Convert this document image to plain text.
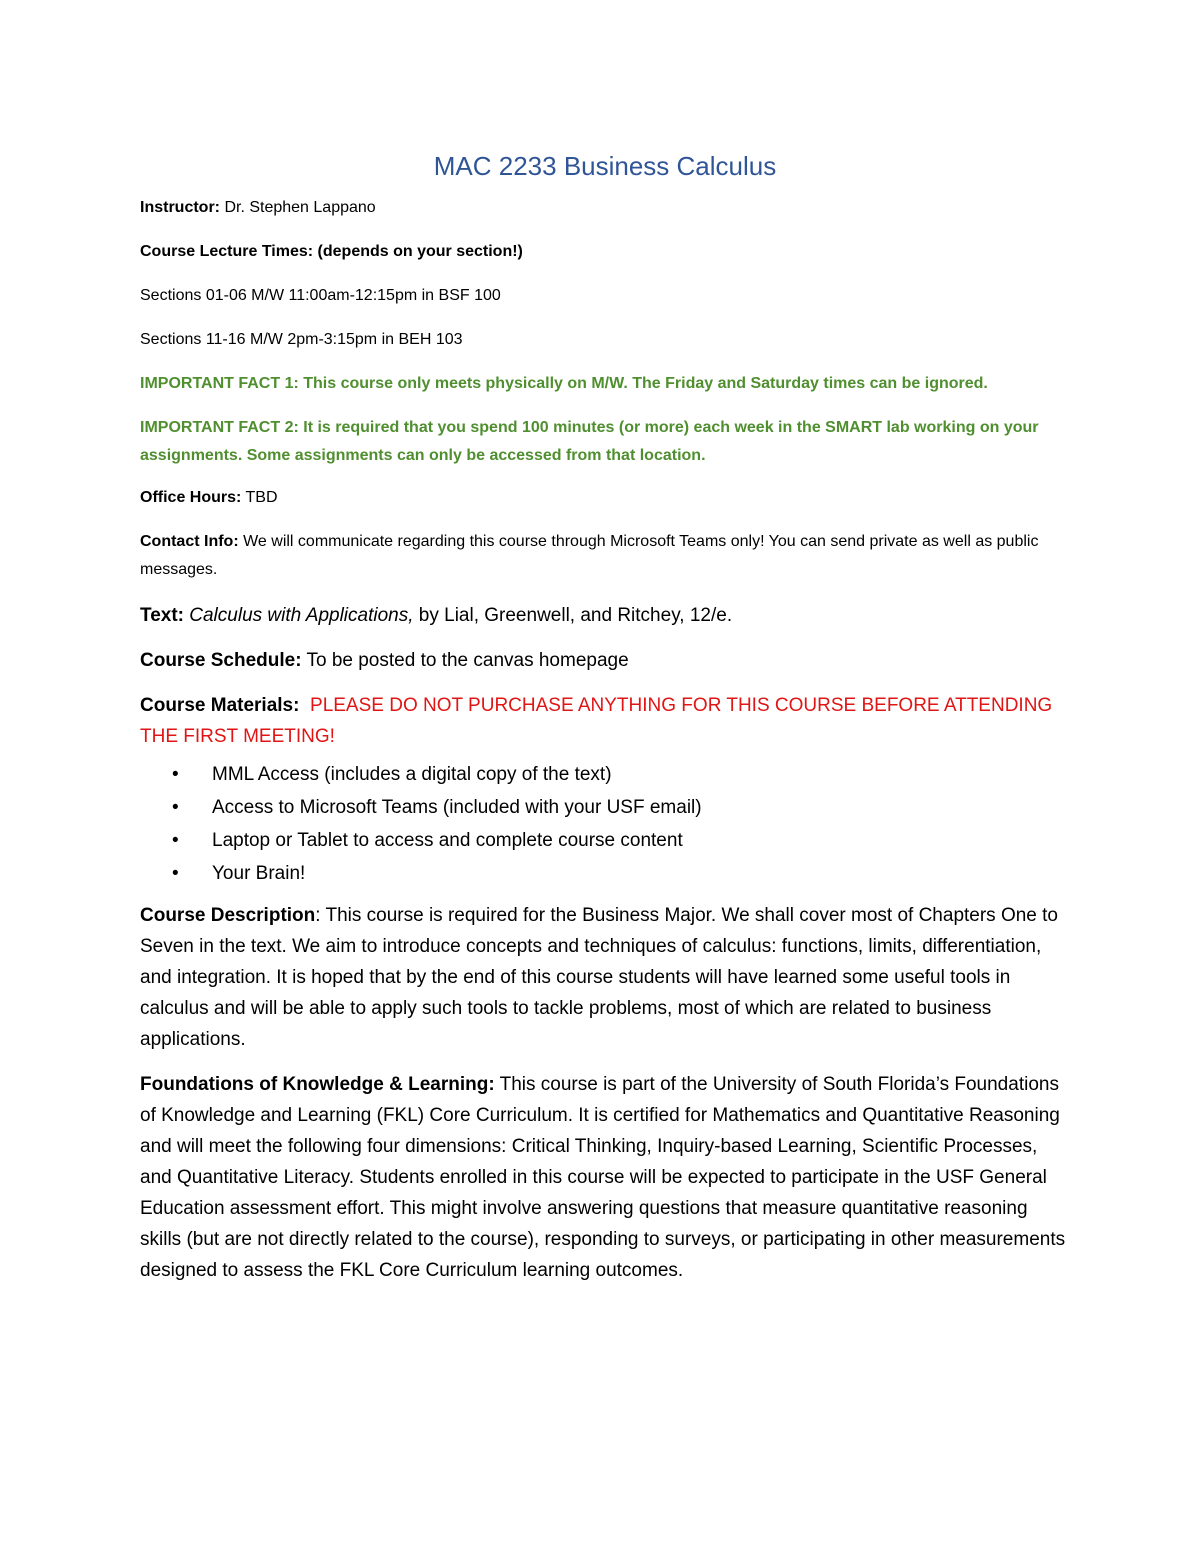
MAC 2233 Business Calculus

Instructor: Dr. Stephen Lappano

Course Lecture Times: (depends on your section!)

Sections 01-06 M/W 11:00am-12:15pm in BSF 100

Sections 11-16 M/W 2pm-3:15pm in BEH 103

IMPORTANT FACT 1: This course only meets physically on M/W. The Friday and Saturday times can be ignored.

IMPORTANT FACT 2: It is required that you spend 100 minutes (or more) each week in the SMART lab working on your assignments. Some assignments can only be accessed from that location.

Office Hours: TBD

Contact Info: We will communicate regarding this course through Microsoft Teams only! You can send private as well as public messages.

Text: Calculus with Applications, by Lial, Greenwell, and Ritchey, 12/e.

Course Schedule: To be posted to the canvas homepage

Course Materials: PLEASE DO NOT PURCHASE ANYTHING FOR THIS COURSE BEFORE ATTENDING THE FIRST MEETING!

• MML Access (includes a digital copy of the text)
• Access to Microsoft Teams (included with your USF email)
• Laptop or Tablet to access and complete course content
• Your Brain!

Course Description: This course is required for the Business Major. We shall cover most of Chapters One to Seven in the text. We aim to introduce concepts and techniques of calculus: functions, limits, differentiation, and integration. It is hoped that by the end of this course students will have learned some useful tools in calculus and will be able to apply such tools to tackle problems, most of which are related to business applications.

Foundations of Knowledge & Learning: This course is part of the University of South Florida’s Foundations of Knowledge and Learning (FKL) Core Curriculum. It is certified for Mathematics and Quantitative Reasoning and will meet the following four dimensions: Critical Thinking, Inquiry-based Learning, Scientific Processes, and Quantitative Literacy. Students enrolled in this course will be expected to participate in the USF General Education assessment effort. This might involve answering questions that measure quantitative reasoning skills (but are not directly related to the course), responding to surveys, or participating in other measurements designed to assess the FKL Core Curriculum learning outcomes.
